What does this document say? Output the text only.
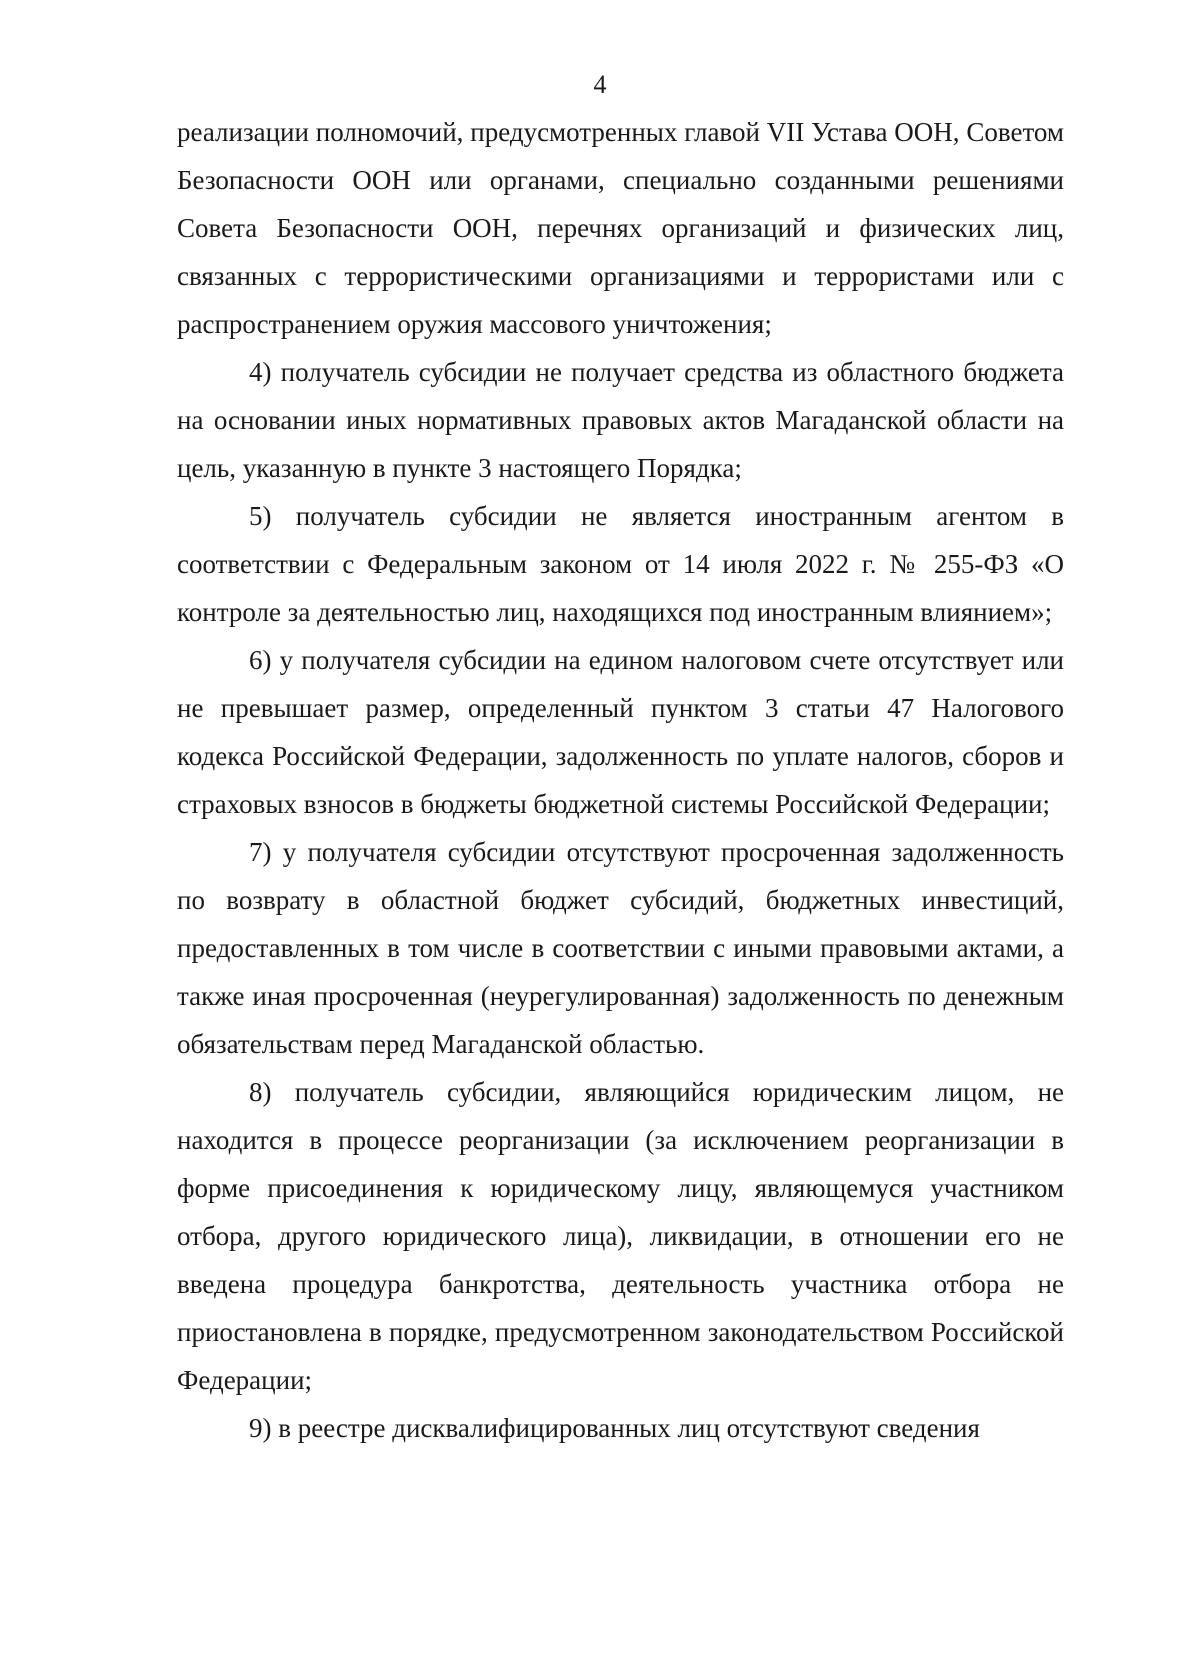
4

реализации полномочий, предусмотренных главой VII Устава ООН, Советом Безопасности ООН или органами, специально созданными решениями Совета Безопасности ООН, перечнях организаций и физических лиц, связанных с террористическими организациями и террористами или с распространением оружия массового уничтожения;

4) получатель субсидии не получает средства из областного бюджета на основании иных нормативных правовых актов Магаданской области на цель, указанную в пункте 3 настоящего Порядка;

5) получатель субсидии не является иностранным агентом в соответствии с Федеральным законом от 14 июля 2022 г. № 255-ФЗ «О контроле за деятельностью лиц, находящихся под иностранным влиянием»;

6) у получателя субсидии на едином налоговом счете отсутствует или не превышает размер, определенный пунктом 3 статьи 47 Налогового кодекса Российской Федерации, задолженность по уплате налогов, сборов и страховых взносов в бюджеты бюджетной системы Российской Федерации;

7) у получателя субсидии отсутствуют просроченная задолженность по возврату в областной бюджет субсидий, бюджетных инвестиций, предоставленных в том числе в соответствии с иными правовыми актами, а также иная просроченная (неурегулированная) задолженность по денежным обязательствам перед Магаданской областью.

8) получатель субсидии, являющийся юридическим лицом, не находится в процессе реорганизации (за исключением реорганизации в форме присоединения к юридическому лицу, являющемуся участником отбора, другого юридического лица), ликвидации, в отношении его не введена процедура банкротства, деятельность участника отбора не приостановлена в порядке, предусмотренном законодательством Российской Федерации;

9) в реестре дисквалифицированных лиц отсутствуют сведения
